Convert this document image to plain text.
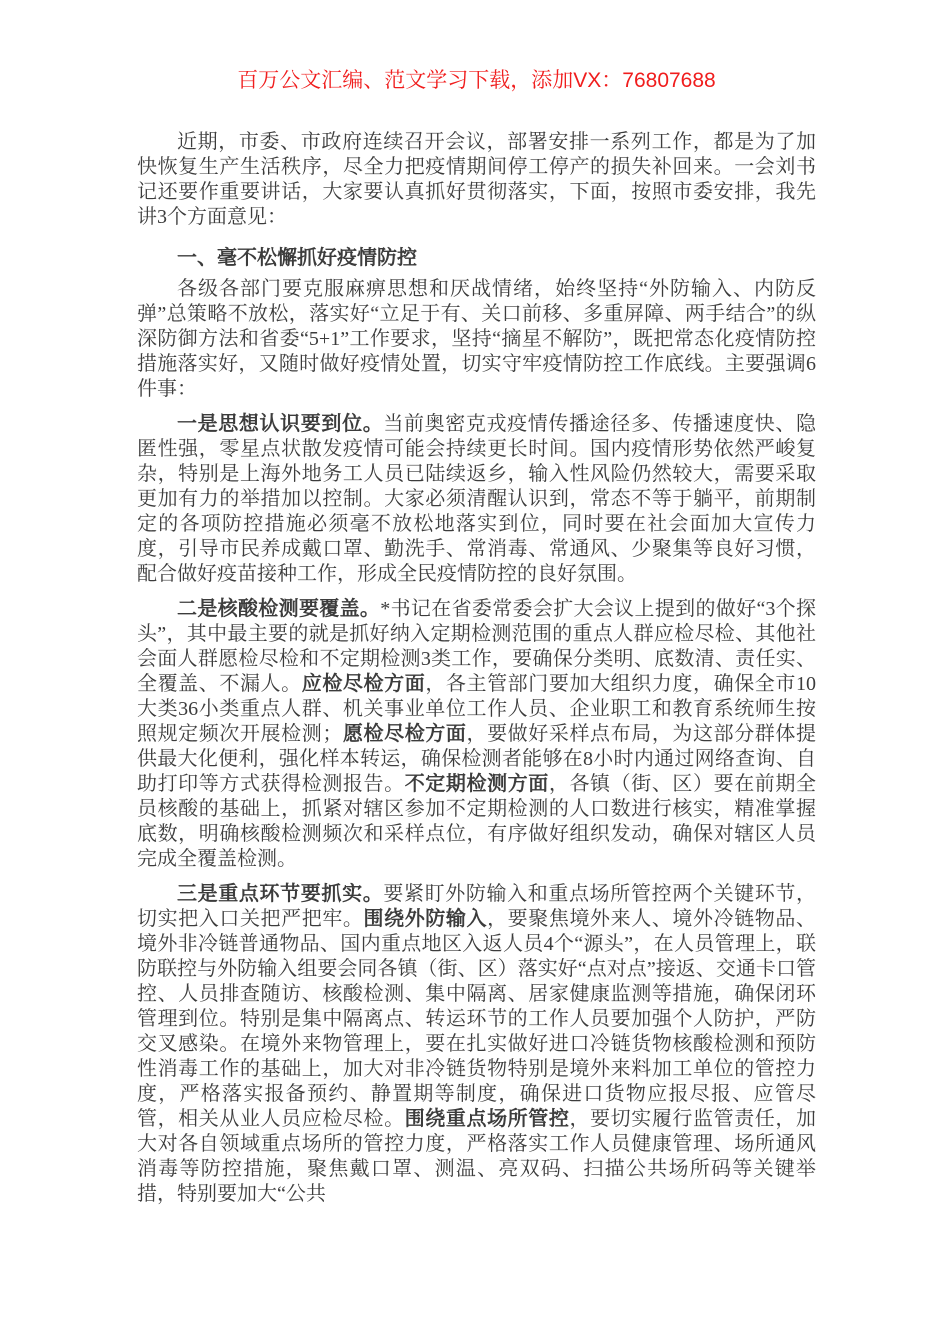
百万公文汇编、范文学习下载，添加VX：76807688

近期，市委、市政府连续召开会议，部署安排一系列工作，都是为了加快恢复生产生活秩序，尽全力把疫情期间停工停产的损失补回来。一会刘书记还要作重要讲话，大家要认真抓好贯彻落实，下面，按照市委安排，我先讲3个方面意见：

一、毫不松懈抓好疫情防控

各级各部门要克服麻痹思想和厌战情绪，始终坚持“外防输入、内防反弹”总策略不放松，落实好“立足于有、关口前移、多重屏障、两手结合”的纵深防御方法和省委“5+1”工作要求，坚持“摘星不解防”，既把常态化疫情防控措施落实好，又随时做好疫情处置，切实守牢疫情防控工作底线。主要强调6件事：

一是思想认识要到位。当前奥密克戎疫情传播途径多、传播速度快、隐匿性强，零星点状散发疫情可能会持续更长时间。国内疫情形势依然严峻复杂，特别是上海外地务工人员已陆续返乡，输入性风险仍然较大，需要采取更加有力的举措加以控制。大家必须清醒认识到，常态不等于躺平，前期制定的各项防控措施必须毫不放松地落实到位，同时要在社会面加大宣传力度，引导市民养成戴口罩、勤洗手、常消毒、常通风、少聚集等良好习惯，配合做好疫苗接种工作，形成全民疫情防控的良好氛围。

二是核酸检测要覆盖。*书记在省委常委会扩大会议上提到的做好“3个探头”，其中最主要的就是抓好纳入定期检测范围的重点人群应检尽检、其他社会面人群愿检尽检和不定期检测3类工作，要确保分类明、底数清、责任实、全覆盖、不漏人。应检尽检方面，各主管部门要加大组织力度，确保全市10大类36小类重点人群、机关事业单位工作人员、企业职工和教育系统师生按照规定频次开展检测；愿检尽检方面，要做好采样点布局，为这部分群体提供最大化便利，强化样本转运，确保检测者能够在8小时内通过网络查询、自助打印等方式获得检测报告。不定期检测方面，各镇（街、区）要在前期全员核酸的基础上，抓紧对辖区参加不定期检测的人口数进行核实，精准掌握底数，明确核酸检测频次和采样点位，有序做好组织发动，确保对辖区人员完成全覆盖检测。

三是重点环节要抓实。要紧盯外防输入和重点场所管控两个关键环节，切实把入口关把严把牢。围绕外防输入，要聚焦境外来人、境外冷链物品、境外非冷链普通物品、国内重点地区入返人员4个“源头”，在人员管理上，联防联控与外防输入组要会同各镇（街、区）落实好“点对点”接返、交通卡口管控、人员排查随访、核酸检测、集中隔离、居家健康监测等措施，确保闭环管理到位。特别是集中隔离点、转运环节的工作人员要加强个人防护，严防交叉感染。在境外来物管理上，要在扎实做好进口冷链货物核酸检测和预防性消毒工作的基础上，加大对非冷链货物特别是境外来料加工单位的管控力度，严格落实报备预约、静置期等制度，确保进口货物应报尽报、应管尽管，相关从业人员应检尽检。围绕重点场所管控，要切实履行监管责任，加大对各自领域重点场所的管控力度，严格落实工作人员健康管理、场所通风消毒等防控措施，聚焦戴口罩、测温、亮双码、扫描公共场所码等关键举措，特别要加大“公共
